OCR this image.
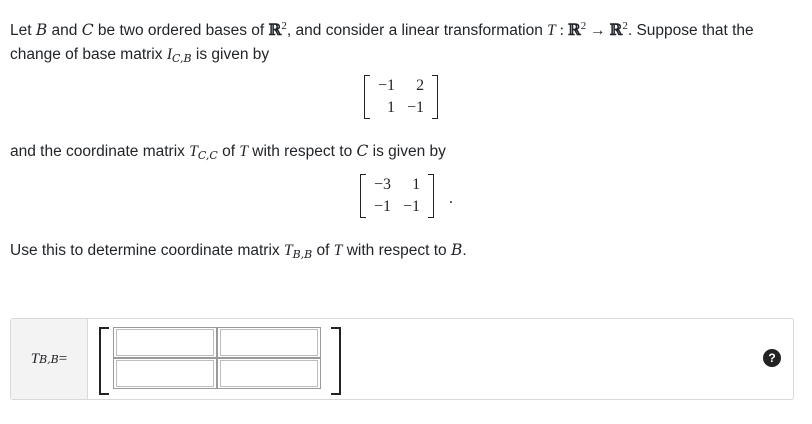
Let B and C be two ordered bases of ℝ$^2$, and consider a linear transformation T : ℝ$^2$ → ℝ$^2$. Suppose that the change of base matrix $I_{C,B}$ is given by

−1	2
1	−1

and the coordinate matrix $T_{C,C}$ of T with respect to C is given by

−3	1
−1	−1 .

Use this to determine coordinate matrix $T_{B,B}$ of T with respect to B.

T B,B =	?
